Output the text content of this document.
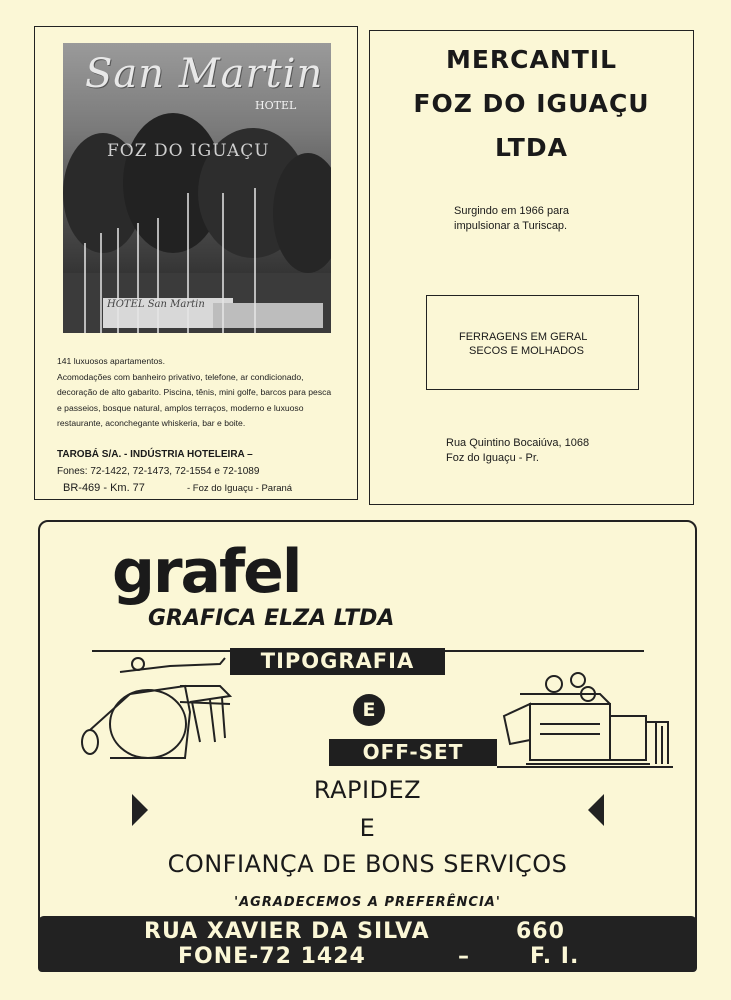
San Martin
HOTEL
FOZ DO IGUAÇU
HOTEL San Martin
141 luxuosos apartamentos.
Acomodações com banheiro privativo, telefone, ar condicionado,
decoração de alto gabarito. Piscina, tênis, mini golfe, barcos para pesca
e passeios, bosque natural, amplos terraços, moderno e luxuoso
restaurante, aconchegante whiskeria, bar e boite.
TAROBÁ S/A. - INDÚSTRIA HOTELEIRA –
Fones: 72-1422, 72-1473, 72-1554 e 72-1089
BR-469 - Km. 77	- Foz do Iguaçu - Paraná
MERCANTIL
FOZ DO IGUAÇU
LTDA
Surgindo em 1966 para
impulsionar a Turiscap.
FERRAGENS EM GERAL
SECOS E MOLHADOS
Rua Quintino Bocaiúva, 1068
Foz do Iguaçu - Pr.
grafel
GRAFICA ELZA LTDA
TIPOGRAFIA
E
OFF-SET
RAPIDEZ
E
CONFIANÇA DE BONS SERVIÇOS
'AGRADECEMOS A PREFERÊNCIA'
RUA XAVIER DA SILVA	660
FONE-72 1424	–	F. I.
